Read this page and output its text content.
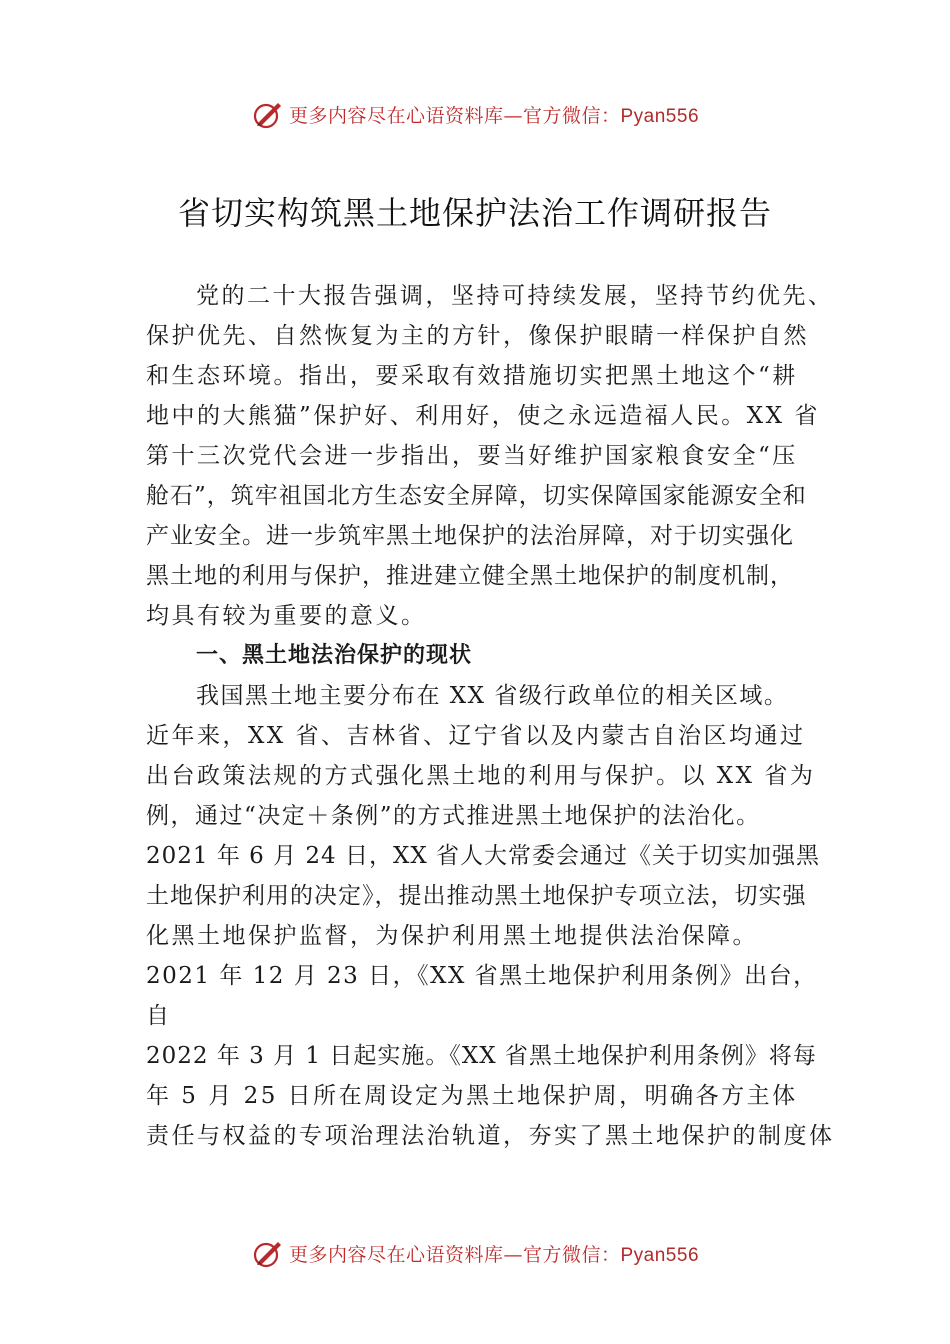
更多内容尽在心语资料库—官方微信：Pyan556
省切实构筑黑土地保护法治工作调研报告
党的二十大报告强调，坚持可持续发展，坚持节约优先、
保护优先、自然恢复为主的方针，像保护眼睛一样保护自然
和生态环境。指出，要采取有效措施切实把黑土地这个“耕
地中的大熊猫”保护好、利用好，使之永远造福人民。XX 省
第十三次党代会进一步指出，要当好维护国家粮食安全“压
舱石”，筑牢祖国北方生态安全屏障，切实保障国家能源安全和
产业安全。进一步筑牢黑土地保护的法治屏障，对于切实强化
黑土地的利用与保护，推进建立健全黑土地保护的制度机制，
均具有较为重要的意义。
一、黑土地法治保护的现状
我国黑土地主要分布在 XX 省级行政单位的相关区域。
近年来，XX 省、吉林省、辽宁省以及内蒙古自治区均通过
出台政策法规的方式强化黑土地的利用与保护。以 XX 省为
例，通过“决定＋条例”的方式推进黑土地保护的法治化。
2021 年 6 月 24 日，XX 省人大常委会通过《关于切实加强黑
土地保护利用的决定》，提出推动黑土地保护专项立法，切实强
化黑土地保护监督，为保护利用黑土地提供法治保障。
2021 年 12 月 23 日，《XX 省黑土地保护利用条例》出台，
自
2022 年 3 月 1 日起实施。《XX 省黑土地保护利用条例》将每
年 5 月 25 日所在周设定为黑土地保护周，明确各方主体
责任与权益的专项治理法治轨道，夯实了黑土地保护的制度体
更多内容尽在心语资料库—官方微信：Pyan556
